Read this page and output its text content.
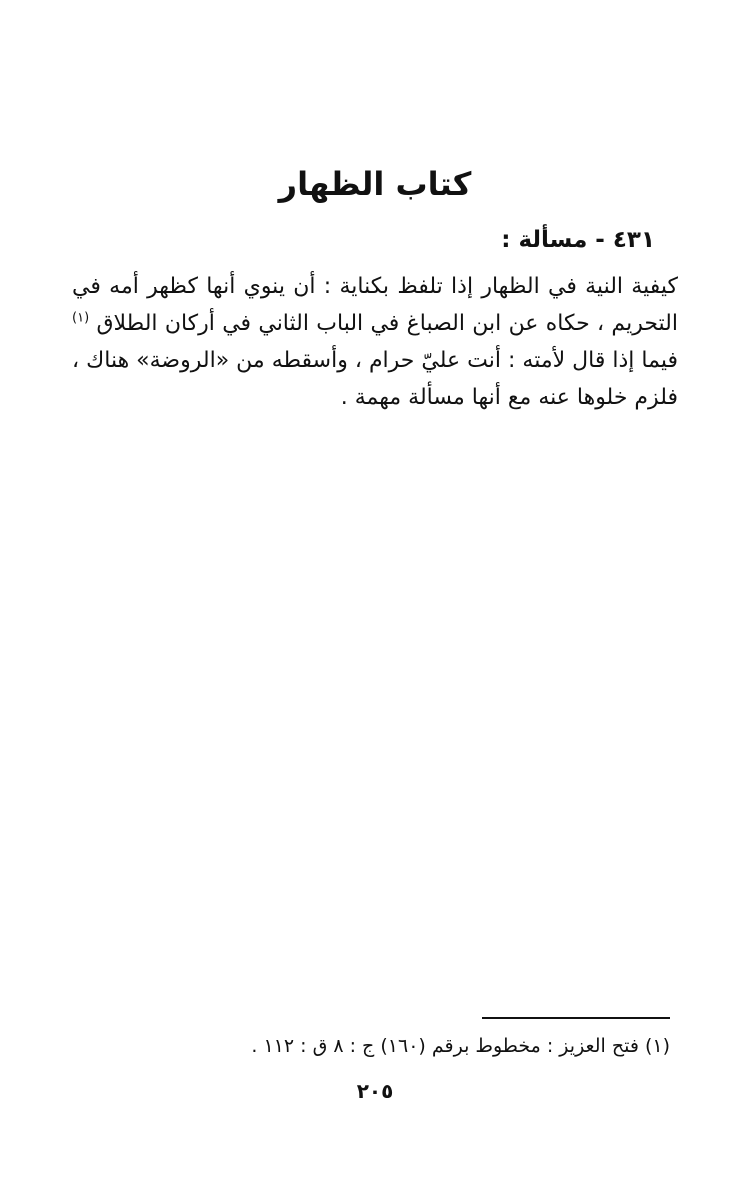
كتاب الظهار
٤٣١ - مسألة :

كيفية النية في الظهار إذا تلفظ بكناية : أن ينوي أنها كظهر أمه في التحريم ، حكاه عن ابن الصباغ في الباب الثاني في أركان الطلاق $^{(١)}$ فيما إذا قال لأمته : أنت عليّ حرام ، وأسقطه من «الروضة» هناك ، فلزم خلوها عنه مع أنها مسألة مهمة .

(١) فتح العزيز : مخطوط برقم (١٦٠) ج : ٨ ق : ١١٢ .

٢٠٥
